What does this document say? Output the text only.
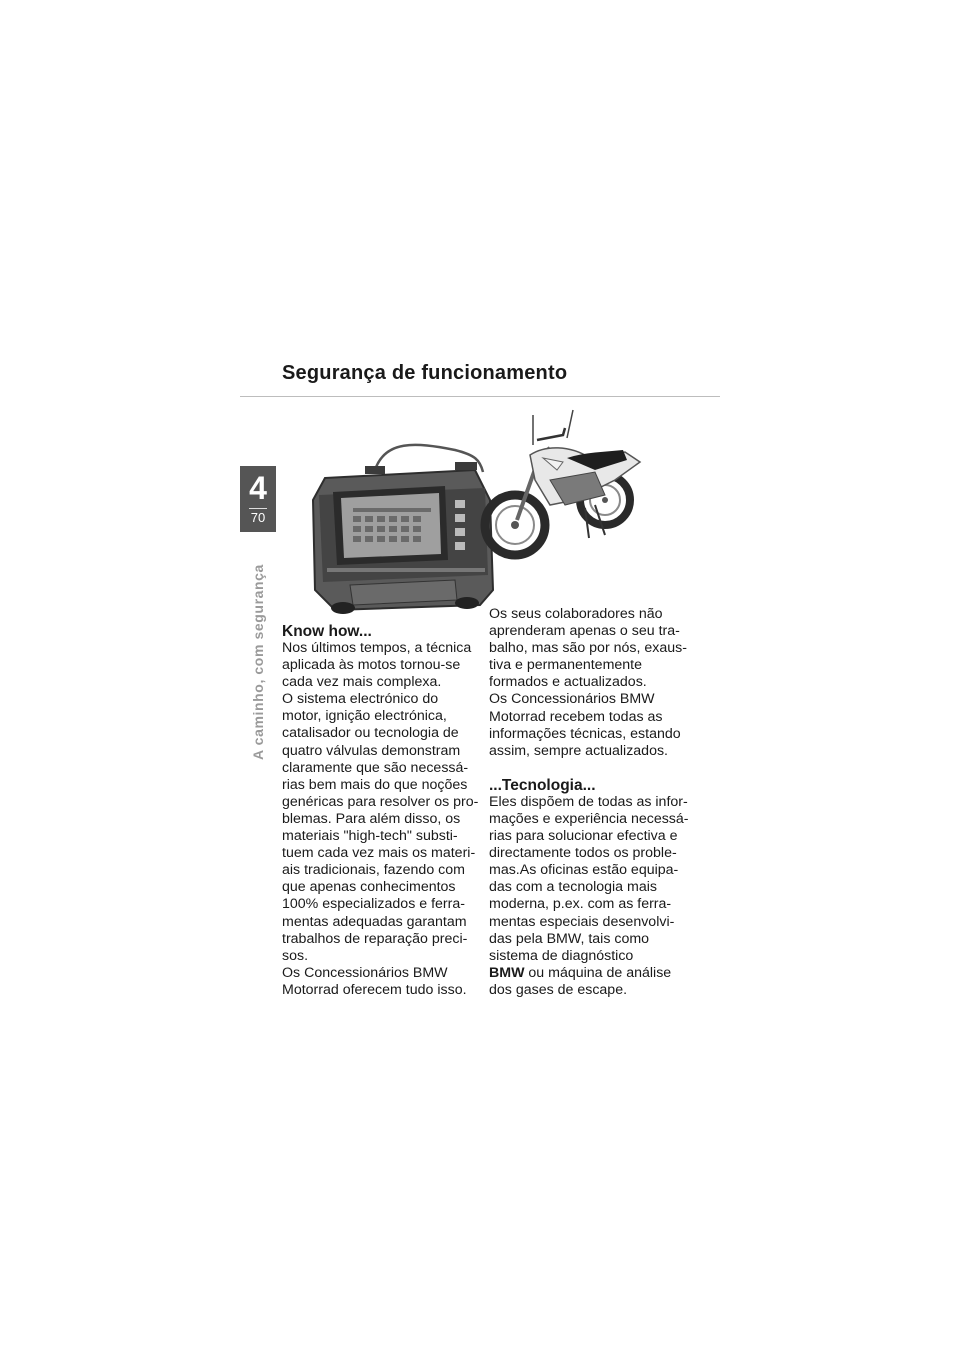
Segurança de funcionamento
4
70
A caminho, com segurança Know how...

Nos últimos tempos, a técnica

aplicada às motos tornou-se

cada vez mais complexa.

O sistema electrónico do

motor, ignição electrónica,

catalisador ou tecnologia de

quatro válvulas demonstram

claramente que são necessá-

rias bem mais do que noções

genéricas para resolver os pro-

blemas. Para além disso, os

materiais "high-tech" substi-

tuem cada vez mais os materi-

ais tradicionais, fazendo com

que apenas conhecimentos

100% especializados e ferra-

mentas adequadas garantam

trabalhos de reparação preci-

sos.

Os Concessionários BMW

Motorrad oferecem tudo isso.

Os seus colaboradores não

aprenderam apenas o seu tra-

balho, mas são por nós, exaus-

tiva e permanentemente

formados e actualizados.

Os Concessionários BMW

Motorrad recebem todas as

informações técnicas, estando

assim, sempre actualizados.

...Tecnologia...

Eles dispõem de todas as infor-

mações e experiência necessá-

rias para solucionar efectiva e

directamente todos os proble-

mas.As oficinas estão equipa-

das com a tecnologia mais

moderna, p.ex. com as ferra-

mentas especiais desenvolvi-

das pela BMW, tais como

sistema de diagnóstico

BMW ou máquina de análise

dos gases de escape.
